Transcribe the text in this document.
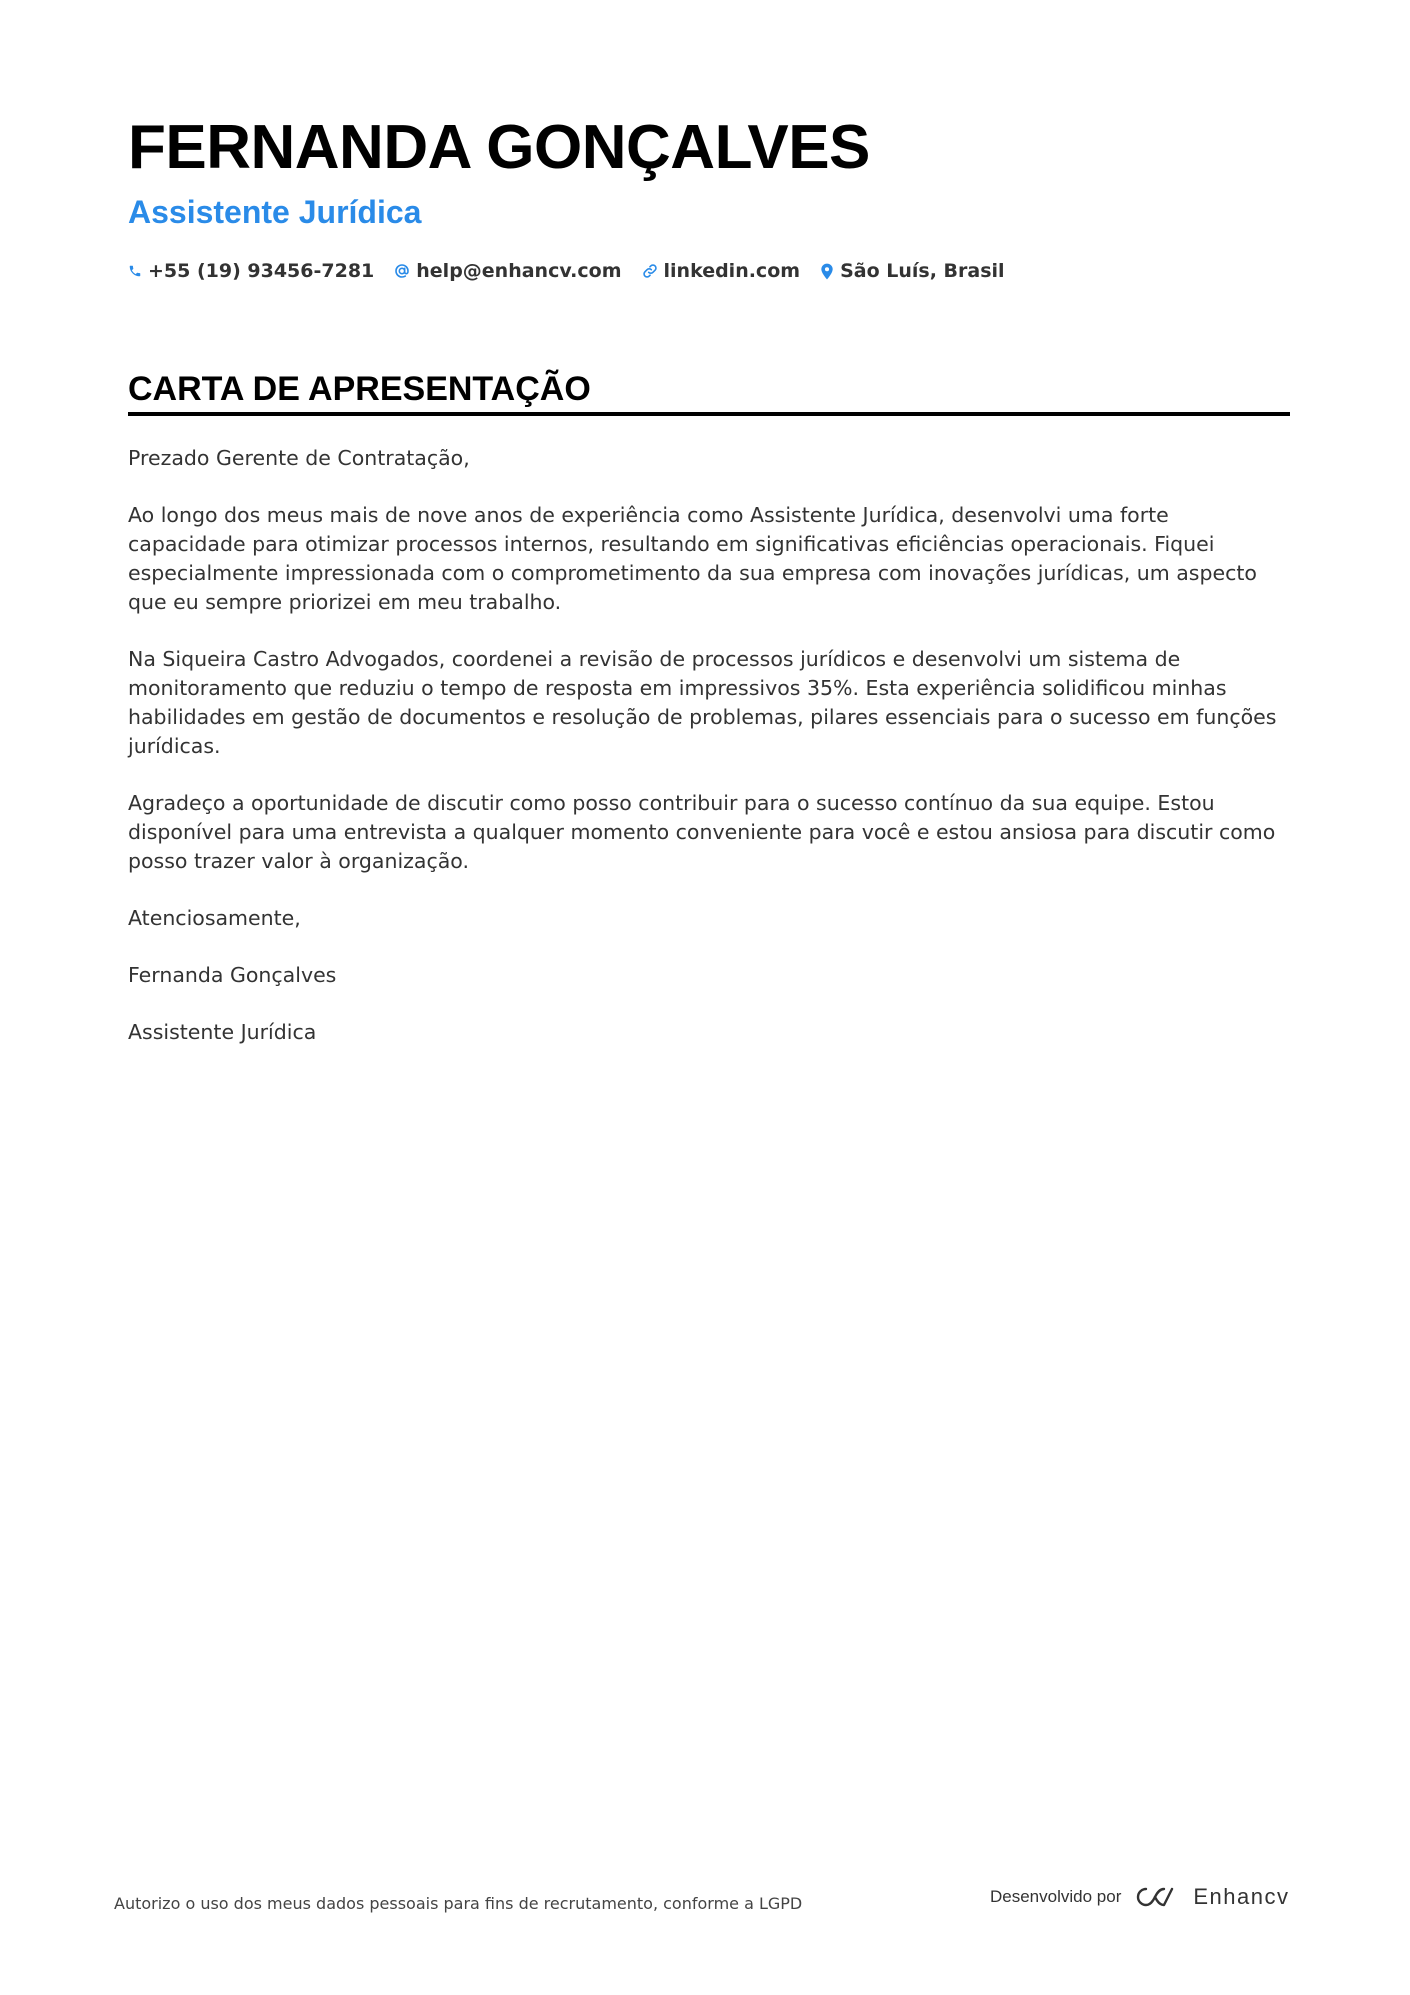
FERNANDA GONÇALVES
Assistente Jurídica
+55 (19) 93456-7281 help@enhancv.com linkedin.com São Luís, Brasil
CARTA DE APRESENTAÇÃO

Prezado Gerente de Contratação,

Ao longo dos meus mais de nove anos de experiência como Assistente Jurídica, desenvolvi uma forte capacidade para otimizar processos internos, resultando em significativas eficiências operacionais. Fiquei especialmente impressionada com o comprometimento da sua empresa com inovações jurídicas, um aspecto que eu sempre priorizei em meu trabalho.

Na Siqueira Castro Advogados, coordenei a revisão de processos jurídicos e desenvolvi um sistema de monitoramento que reduziu o tempo de resposta em impressivos 35%. Esta experiência solidificou minhas habilidades em gestão de documentos e resolução de problemas, pilares essenciais para o sucesso em funções jurídicas.

Agradeço a oportunidade de discutir como posso contribuir para o sucesso contínuo da sua equipe. Estou disponível para uma entrevista a qualquer momento conveniente para você e estou ansiosa para discutir como posso trazer valor à organização.

Atenciosamente,

Fernanda Gonçalves

Assistente Jurídica

Autorizo o uso dos meus dados pessoais para fins de recrutamento, conforme a LGPD	Desenvolvido por	Enhancv
